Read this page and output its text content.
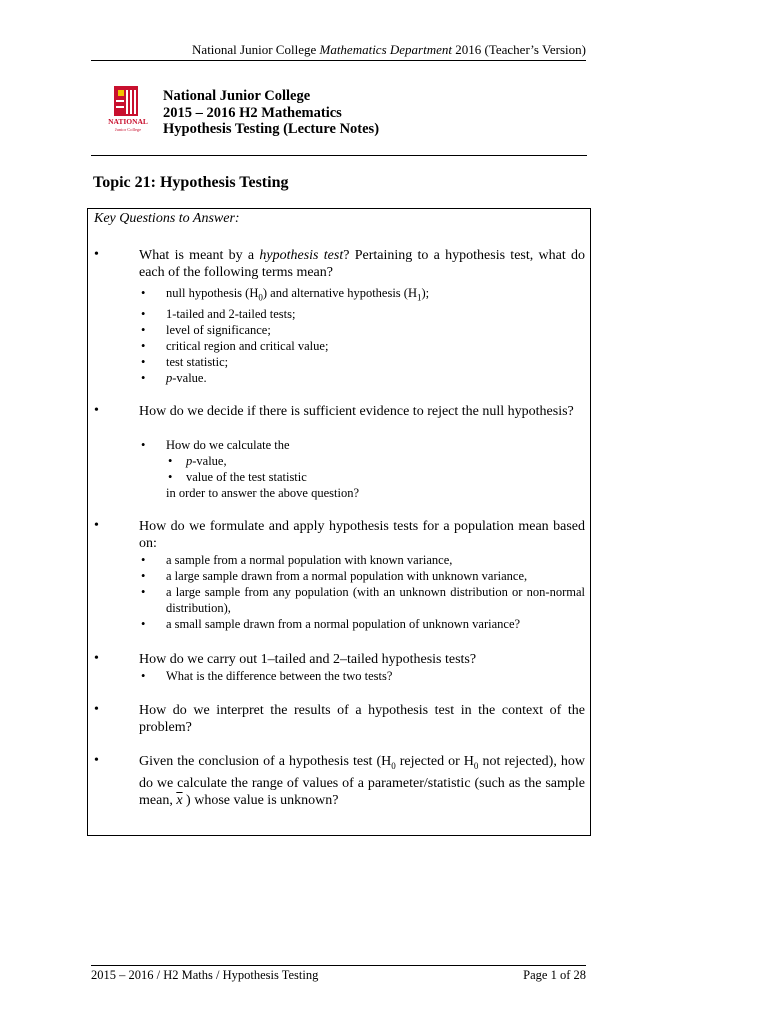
National Junior College Mathematics Department 2016 (Teacher’s Version)
NATIONAL
Junior College
National Junior College
2015 – 2016 H2 Mathematics
Hypothesis Testing (Lecture Notes)
Topic 21: Hypothesis Testing
Key Questions to Answer:
•	What is meant by a hypothesis test? Pertaining to a hypothesis test, what do each of the following terms mean?
• null hypothesis $(H_0)$ and alternative hypothesis $(H_1)$;
• 1-tailed and 2-tailed tests;
• level of significance;
• critical region and critical value;
• test statistic;
• p-value.
•	How do we decide if there is sufficient evidence to reject the null hypothesis?
• How do we calculate the
• p-value,
• value of the test statistic
in order to answer the above question?
•	How do we formulate and apply hypothesis tests for a population mean based on:
• a sample from a normal population with known variance,
• a large sample drawn from a normal population with unknown variance,
• a large sample from any population (with an unknown distribution or non-normal distribution),
• a small sample drawn from a normal population of unknown variance?
•	How do we carry out 1–tailed and 2–tailed hypothesis tests?
• What is the difference between the two tests?
•	How do we interpret the results of a hypothesis test in the context of the problem?
•	Given the conclusion of a hypothesis test ($H_0$ rejected or $H_0$ not rejected), how do we calculate the range of values of a parameter/statistic (such as the sample mean, $\overline{x}$ ) whose value is unknown?
2015 – 2016 / H2 Maths / Hypothesis Testing	Page 1 of 28
